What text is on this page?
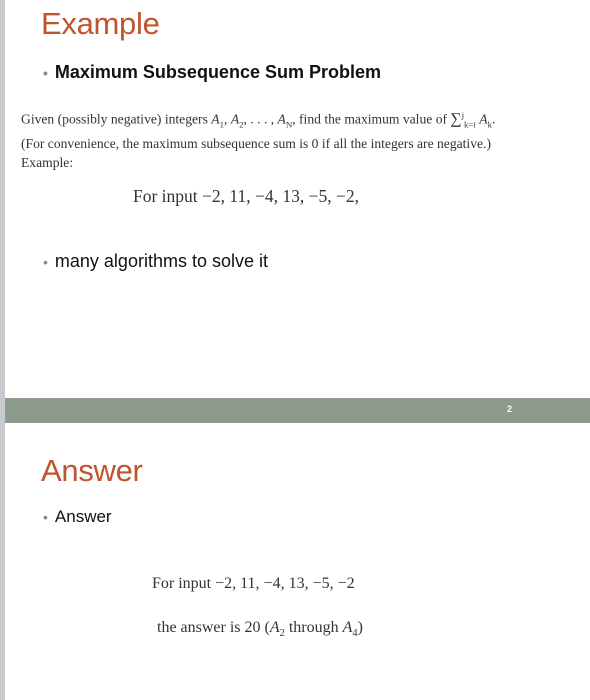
Example
• Maximum Subsequence Sum Problem
Given (possibly negative) integers $A_1$, $A_2$, . . . , $A_N$, find the maximum value of ∑$^j_{k=i}$ $A_k$.
(For convenience, the maximum subsequence sum is 0 if all the integers are negative.)
Example:
For input −2, 11, −4, 13, −5, −2,
• many algorithms to solve it
2
Answer
• Answer
For input −2, 11, −4, 13, −5, −2
the answer is 20 ($A_2$ through $A_4$)
